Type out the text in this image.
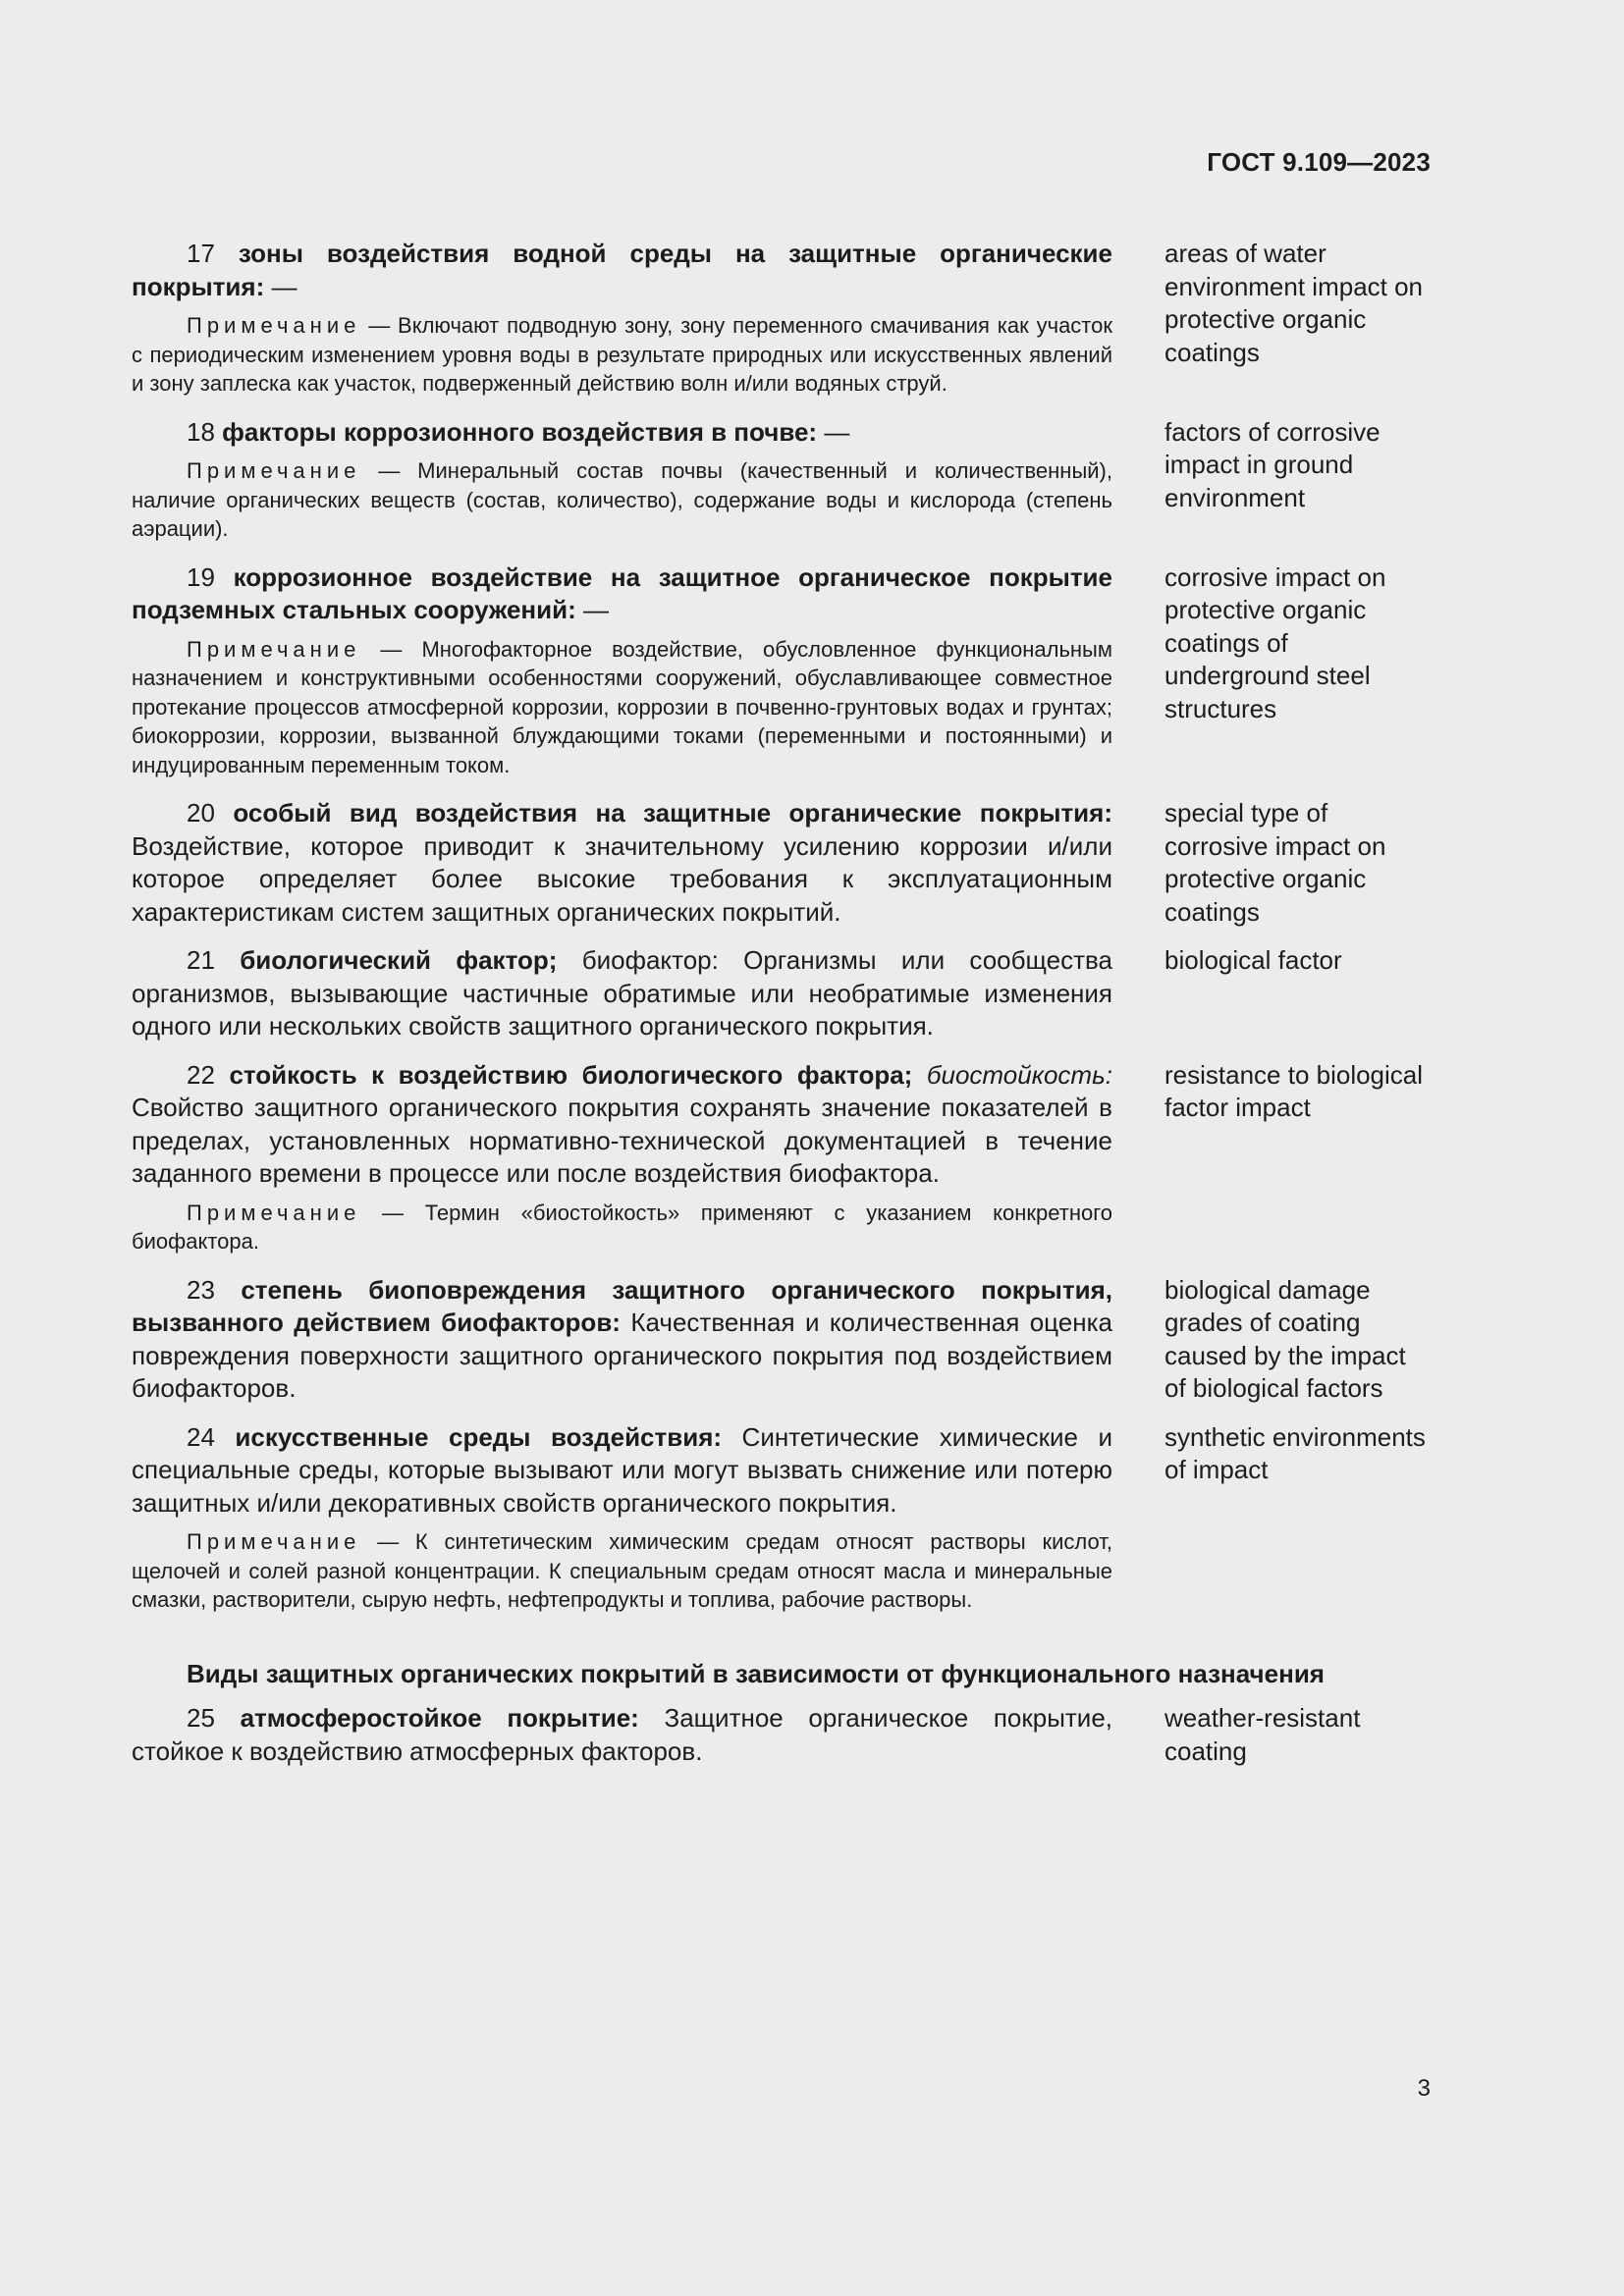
ГОСТ 9.109—2023

17 зоны воздействия водной среды на защитные органические покрытия: —

Примечание — Включают подводную зону, зону переменного смачивания как участок с периодическим изменением уровня воды в результате природных или искусственных явлений и зону заплеска как участок, подверженный действию волн и/или водяных струй.

areas of water environment impact on protective organic coatings

18 факторы коррозионного воздействия в почве: —

Примечание — Минеральный состав почвы (качественный и количественный), наличие органических веществ (состав, количество), содержание воды и кислорода (степень аэрации).

factors of corrosive impact in ground environment

19 коррозионное воздействие на защитное органическое покрытие подземных стальных сооружений: —

Примечание — Многофакторное воздействие, обусловленное функциональным назначением и конструктивными особенностями сооружений, обуславливающее совместное протекание процессов атмосферной коррозии, коррозии в почвенно-грунтовых водах и грунтах; биокоррозии, коррозии, вызванной блуждающими токами (переменными и постоянными) и индуцированным переменным током.

corrosive impact on protective organic coatings of underground steel structures

20 особый вид воздействия на защитные органические покрытия: Воздействие, которое приводит к значительному усилению коррозии и/или которое определяет более высокие требования к эксплуатационным характеристикам систем защитных органических покрытий.

special type of corrosive impact on protective organic coatings

21 биологический фактор; биофактор: Организмы или сообщества организмов, вызывающие частичные обратимые или необратимые изменения одного или нескольких свойств защитного органического покрытия.

biological factor

22 стойкость к воздействию биологического фактора; биостойкость: Свойство защитного органического покрытия сохранять значение показателей в пределах, установленных нормативно-технической документацией в течение заданного времени в процессе или после воздействия биофактора.

Примечание — Термин «биостойкость» применяют с указанием конкретного биофактора.

resistance to biological factor impact

23 степень биоповреждения защитного органического покрытия, вызванного действием биофакторов: Качественная и количественная оценка повреждения поверхности защитного органического покрытия под воздействием биофакторов.

biological damage grades of coating caused by the impact of biological factors

24 искусственные среды воздействия: Синтетические химические и специальные среды, которые вызывают или могут вызвать снижение или потерю защитных и/или декоративных свойств органического покрытия.

Примечание — К синтетическим химическим средам относят растворы кислот, щелочей и солей разной концентрации. К специальным средам относят масла и минеральные смазки, растворители, сырую нефть, нефтепродукты и топлива, рабочие растворы.

synthetic environments of impact
Виды защитных органических покрытий в зависимости от функционального назначения

25 атмосферостойкое покрытие: Защитное органическое покрытие, стойкое к воздействию атмосферных факторов.

weather-resistant coating
3
